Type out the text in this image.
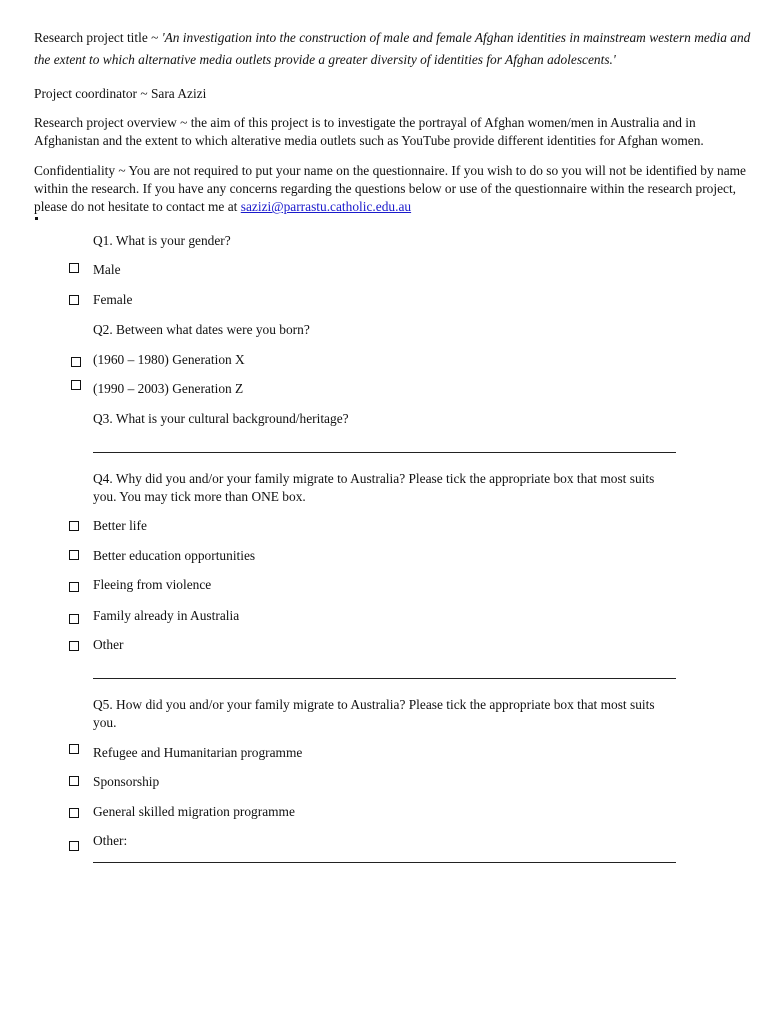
Research project title ~ 'An investigation into the construction of male and female Afghan identities in mainstream western media and the extent to which alternative media outlets provide a greater diversity of identities for Afghan adolescents.'
Project coordinator ~ Sara Azizi
Research project overview ~ the aim of this project is to investigate the portrayal of Afghan women/men in Australia and in Afghanistan and the extent to which alterative media outlets such as YouTube provide different identities for Afghan women.
Confidentiality ~ You are not required to put your name on the questionnaire. If you wish to do so you will not be identified by name within the research. If you have any concerns regarding the questions below or use of the questionnaire within the research project, please do not hesitate to contact me at sazizi@parrastu.catholic.edu.au
Q1. What is your gender?
Male
Female
Q2. Between what dates were you born?
(1960 – 1980) Generation X
(1990 – 2003) Generation Z
Q3. What is your cultural background/heritage?
Q4. Why did you and/or your family migrate to Australia? Please tick the appropriate box that most suits you. You may tick more than ONE box.
Better life
Better education opportunities
Fleeing from violence
Family already in Australia
Other
Q5. How did you and/or your family migrate to Australia? Please tick the appropriate box that most suits you.
Refugee and Humanitarian programme
Sponsorship
General skilled migration programme
Other:
